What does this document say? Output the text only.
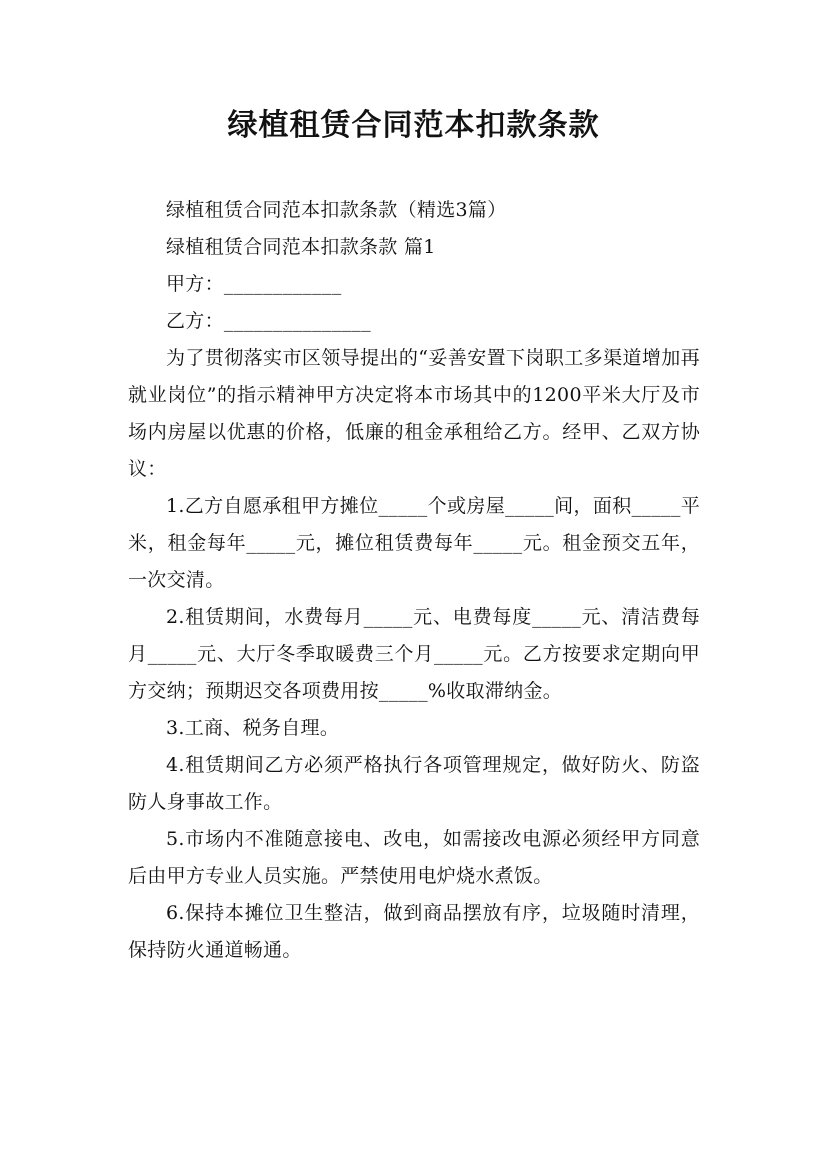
绿植租赁合同范本扣款条款

绿植租赁合同范本扣款条款（精选3篇）

绿植租赁合同范本扣款条款 篇1

甲方：____________

乙方：_______________

为了贯彻落实市区领导提出的“妥善安置下岗职工多渠道增加再就业岗位”的指示精神甲方决定将本市场其中的1200平米大厅及市场内房屋以优惠的价格，低廉的租金承租给乙方。经甲、乙双方协议：

1.乙方自愿承租甲方摊位_____个或房屋_____间，面积_____平米，租金每年_____元，摊位租赁费每年_____元。租金预交五年，一次交清。

2.租赁期间，水费每月_____元、电费每度_____元、清洁费每月_____元、大厅冬季取暖费三个月_____元。乙方按要求定期向甲方交纳；预期迟交各项费用按_____%收取滞纳金。

3.工商、税务自理。

4.租赁期间乙方必须严格执行各项管理规定，做好防火、防盗防人身事故工作。

5.市场内不准随意接电、改电，如需接改电源必须经甲方同意后由甲方专业人员实施。严禁使用电炉烧水煮饭。

6.保持本摊位卫生整洁，做到商品摆放有序，垃圾随时清理，保持防火通道畅通。
